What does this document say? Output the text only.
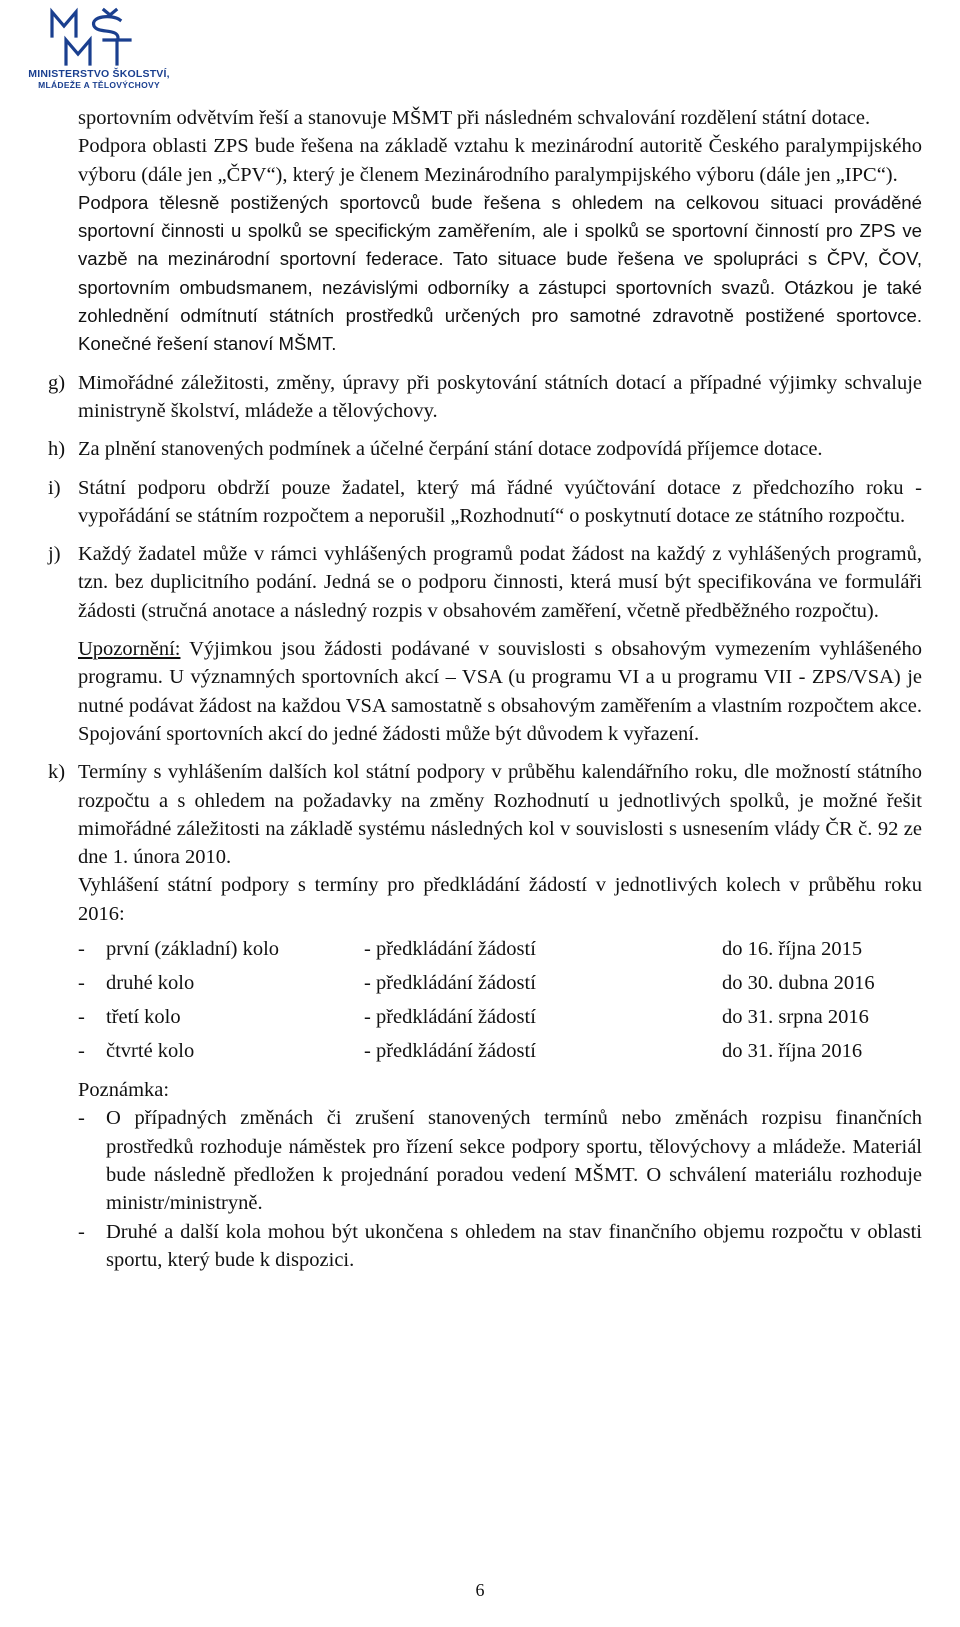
MŠMT
MINISTERSTVO ŠKOLSTVÍ,
MLÁDEŽE A TĚLOVÝCHOVY

sportovním odvětvím řeší a stanovuje MŠMT při následném schvalování rozdělení státní dotace.

Podpora oblasti ZPS bude řešena na základě vztahu k mezinárodní autoritě Českého paralympijského výboru (dále jen „ČPV“), který je členem Mezinárodního paralympijského výboru (dále jen „IPC“).

Podpora tělesně postižených sportovců bude řešena s ohledem na celkovou situaci prováděné sportovní činnosti u spolků se specifickým zaměřením, ale i spolků se sportovní činností pro ZPS ve vazbě na mezinárodní sportovní federace. Tato situace bude řešena ve spolupráci s ČPV, ČOV, sportovním ombudsmanem, nezávislými odborníky a zástupci sportovních svazů. Otázkou je také zohlednění odmítnutí státních prostředků určených pro samotné zdravotně postižené sportovce. Konečné řešení stanoví MŠMT.

g) Mimořádné záležitosti, změny, úpravy při poskytování státních dotací a případné výjimky schvaluje ministryně školství, mládeže a tělovýchovy.
h) Za plnění stanovených podmínek a účelné čerpání stání dotace zodpovídá příjemce dotace.
i) Státní podporu obdrží pouze žadatel, který má řádné vyúčtování dotace z předchozího roku - vypořádání se státním rozpočtem a neporušil „Rozhodnutí“ o poskytnutí dotace ze státního rozpočtu.
j) Každý žadatel může v rámci vyhlášených programů podat žádost na každý z vyhlášených programů, tzn. bez duplicitního podání. Jedná se o podporu činnosti, která musí být specifikována ve formuláři žádosti (stručná anotace a následný rozpis v obsahovém zaměření, včetně předběžného rozpočtu).
Upozornění: Výjimkou jsou žádosti podávané v souvislosti s obsahovým vymezením vyhlášeného programu. U významných sportovních akcí – VSA (u programu VI a u programu VII - ZPS/VSA) je nutné podávat žádost na každou VSA samostatně s obsahovým zaměřením a vlastním rozpočtem akce. Spojování sportovních akcí do jedné žádosti může být důvodem k vyřazení.
k) Termíny s vyhlášením dalších kol státní podpory v průběhu kalendářního roku, dle možností státního rozpočtu a s ohledem na požadavky na změny Rozhodnutí u jednotlivých spolků, je možné řešit mimořádné záležitosti na základě systému následných kol v souvislosti s usnesením vlády ČR č. 92 ze dne 1. února 2010.
Vyhlášení státní podpory s termíny pro předkládání žádostí v jednotlivých kolech v průběhu roku 2016:
-	první (základní) kolo	- předkládání žádostí	do 16. října 2015
-	druhé kolo	- předkládání žádostí	do 30. dubna 2016
-	třetí kolo	- předkládání žádostí	do 31. srpna 2016
-	čtvrté kolo	- předkládání žádostí	do 31. října 2016
Poznámka:
- O případných změnách či zrušení stanovených termínů nebo změnách rozpisu finančních prostředků rozhoduje náměstek pro řízení sekce podpory sportu, tělovýchovy a mládeže. Materiál bude následně předložen k projednání poradou vedení MŠMT. O schválení materiálu rozhoduje ministr/ministryně.
- Druhé a další kola mohou být ukončena s ohledem na stav finančního objemu rozpočtu v oblasti sportu, který bude k dispozici.
6
